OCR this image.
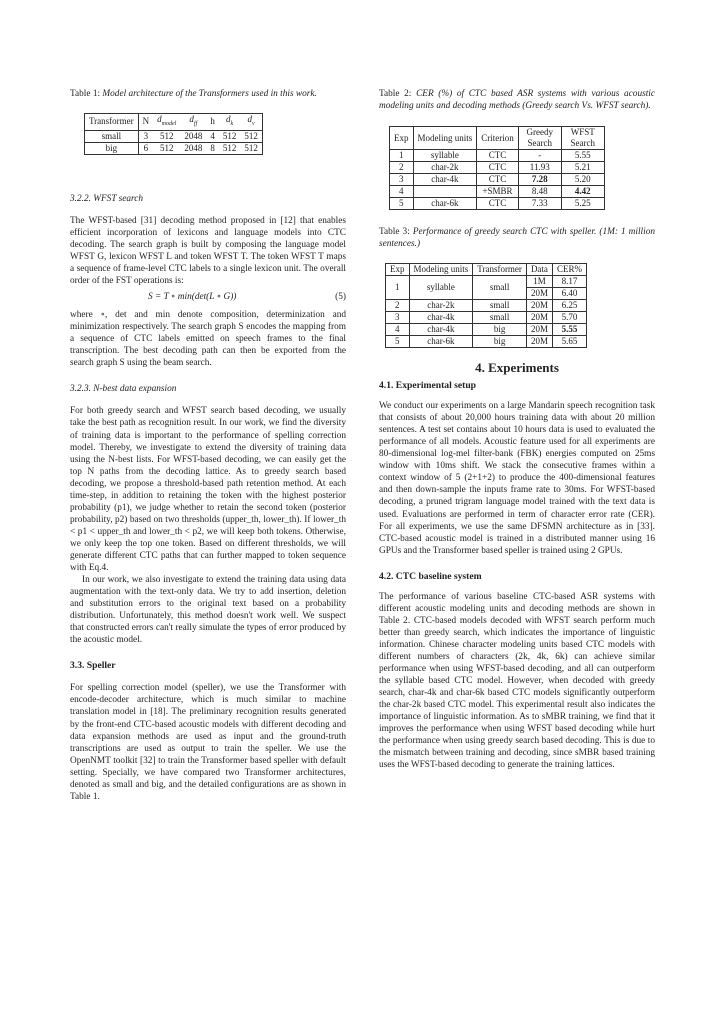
Table 1: Model architecture of the Transformers used in this work.
Transformer	N	$d_{model}$	$d_{ff}$	h	$d_k$	$d_v$
small	3	512	2048	4	512	512
big	6	512	2048	8	512	512
3.2.2. WFST search

The WFST-based [31] decoding method proposed in [12] that enables efficient incorporation of lexicons and language models into CTC decoding. The search graph is built by composing the language model WFST G, lexicon WFST L and token WFST T. The token WFST T maps a sequence of frame-level CTC labels to a single lexicon unit. The overall order of the FST operations is:

S = T ∘ min(det(L ∘ G))	(5)

where ∘, det and min denote composition, determinization and minimization respectively. The search graph S encodes the mapping from a sequence of CTC labels emitted on speech frames to the final transcription. The best decoding path can then be exported from the search graph S using the beam search.

3.2.3. N-best data expansion

For both greedy search and WFST search based decoding, we usually take the best path as recognition result. In our work, we find the diversity of training data is important to the performance of spelling correction model. Thereby, we investigate to extend the diversity of training data using the N-best lists. For WFST-based decoding, we can easily get the top N paths from the decoding lattice. As to greedy search based decoding, we propose a threshold-based path retention method. At each time-step, in addition to retaining the token with the highest posterior probability (p1), we judge whether to retain the second token (posterior probability, p2) based on two thresholds (upper_th, lower_th). If lower_th < p1 < upper_th and lower_th < p2, we will keep both tokens. Otherwise, we only keep the top one token. Based on different thresholds, we will generate different CTC paths that can further mapped to token sequence with Eq.4.

In our work, we also investigate to extend the training data using data augmentation with the text-only data. We try to add insertion, deletion and substitution errors to the original text based on a probability distribution. Unfortunately, this method doesn't work well. We suspect that constructed errors can't really simulate the types of error produced by the acoustic model.

3.3. Speller

For spelling correction model (speller), we use the Transformer with encode-decoder architecture, which is much similar to machine translation model in [18]. The preliminary recognition results generated by the front-end CTC-based acoustic models with different decoding and data expansion methods are used as input and the ground-truth transcriptions are used as output to train the speller. We use the OpenNMT toolkit [32] to train the Transformer based speller with default setting. Specially, we have compared two Transformer architectures, denoted as small and big, and the detailed configurations are as shown in Table 1.

Table 2: CER (%) of CTC based ASR systems with various acoustic modeling units and decoding methods (Greedy search Vs. WFST search).
Exp	Modeling units	Criterion	Greedy Search	WFST Search
1	syllable	CTC	-	5.55
2	char-2k	CTC	11.93	5.21
3	char-4k	CTC	7.28	5.20
4		+SMBR	8.48	4.42
5	char-6k	CTC	7.33	5.25
Table 3: Performance of greedy search CTC with speller. (1M: 1 million sentences.)
Exp	Modeling units	Transformer	Data	CER%
1	syllable	small	1M	8.17
			20M	6.40
2	char-2k	small	20M	6.25
3	char-4k	small	20M	5.70
4	char-4k	big	20M	5.55
5	char-6k	big	20M	5.65
4. Experiments
4.1. Experimental setup

We conduct our experiments on a large Mandarin speech recognition task that consists of about 20,000 hours training data with about 20 million sentences. A test set contains about 10 hours data is used to evaluated the performance of all models. Acoustic feature used for all experiments are 80-dimensional log-mel filter-bank (FBK) energies computed on 25ms window with 10ms shift. We stack the consecutive frames within a context window of 5 (2+1+2) to produce the 400-dimensional features and then down-sample the inputs frame rate to 30ms. For WFST-based decoding, a pruned trigram language model trained with the text data is used. Evaluations are performed in term of character error rate (CER). For all experiments, we use the same DFSMN architecture as in [33]. CTC-based acoustic model is trained in a distributed manner using 16 GPUs and the Transformer based speller is trained using 2 GPUs.

4.2. CTC baseline system

The performance of various baseline CTC-based ASR systems with different acoustic modeling units and decoding methods are shown in Table 2. CTC-based models decoded with WFST search perform much better than greedy search, which indicates the importance of linguistic information. Chinese character modeling units based CTC models with different numbers of characters (2k, 4k, 6k) can achieve similar performance when using WFST-based decoding, and all can outperform the syllable based CTC model. However, when decoded with greedy search, char-4k and char-6k based CTC models significantly outperform the char-2k based CTC model. This experimental result also indicates the importance of linguistic information. As to sMBR training, we find that it improves the performance when using WFST based decoding while hurt the performance when using greedy search based decoding. This is due to the mismatch between training and decoding, since sMBR based training uses the WFST-based decoding to generate the training lattices.
